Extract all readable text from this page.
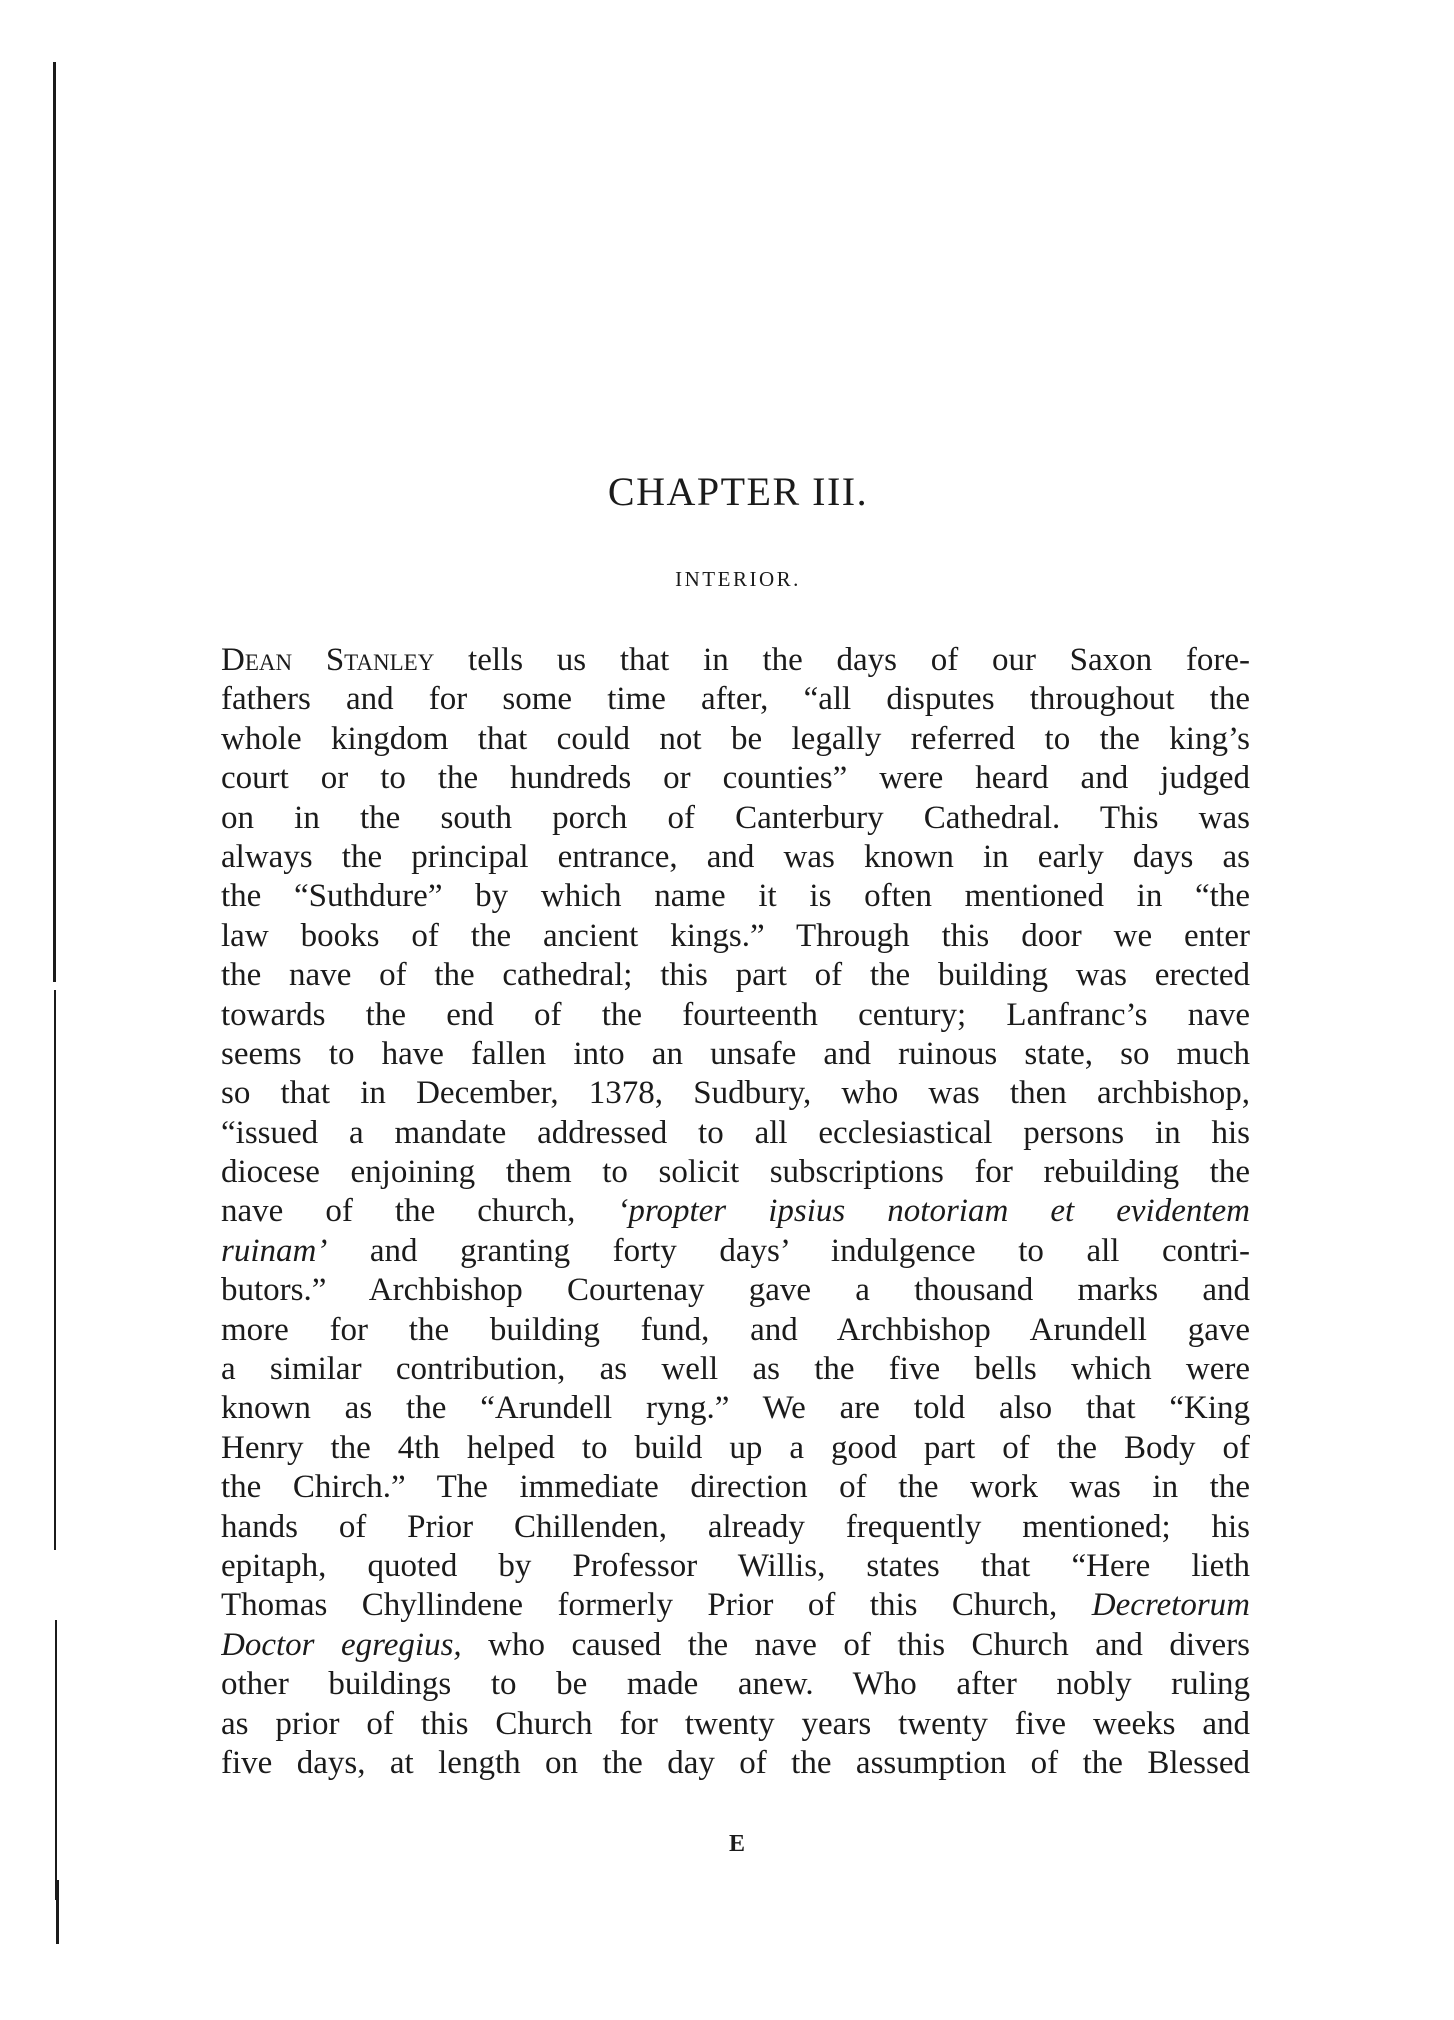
CHAPTER III.
INTERIOR.
Dean Stanley tells us that in the days of our Saxon fore-
fathers and for some time after, “all disputes throughout the
whole kingdom that could not be legally referred to the king’s
court or to the hundreds or counties” were heard and judged
on in the south porch of Canterbury Cathedral. This was
always the principal entrance, and was known in early days as
the “Suthdure” by which name it is often mentioned in “the
law books of the ancient kings.” Through this door we enter
the nave of the cathedral; this part of the building was erected
towards the end of the fourteenth century; Lanfranc’s nave
seems to have fallen into an unsafe and ruinous state, so much
so that in December, 1378, Sudbury, who was then archbishop,
“issued a mandate addressed to all ecclesiastical persons in his
diocese enjoining them to solicit subscriptions for rebuilding the
nave of the church, ‘propter ipsius notoriam et evidentem
ruinam’ and granting forty days’ indulgence to all contri-
butors.” Archbishop Courtenay gave a thousand marks and
more for the building fund, and Archbishop Arundell gave
a similar contribution, as well as the five bells which were
known as the “Arundell ryng.” We are told also that “King
Henry the 4th helped to build up a good part of the Body of
the Chirch.” The immediate direction of the work was in the
hands of Prior Chillenden, already frequently mentioned; his
epitaph, quoted by Professor Willis, states that “Here lieth
Thomas Chyllindene formerly Prior of this Church, Decretorum
Doctor egregius, who caused the nave of this Church and divers
other buildings to be made anew. Who after nobly ruling
as prior of this Church for twenty years twenty five weeks and
five days, at length on the day of the assumption of the Blessed
E
